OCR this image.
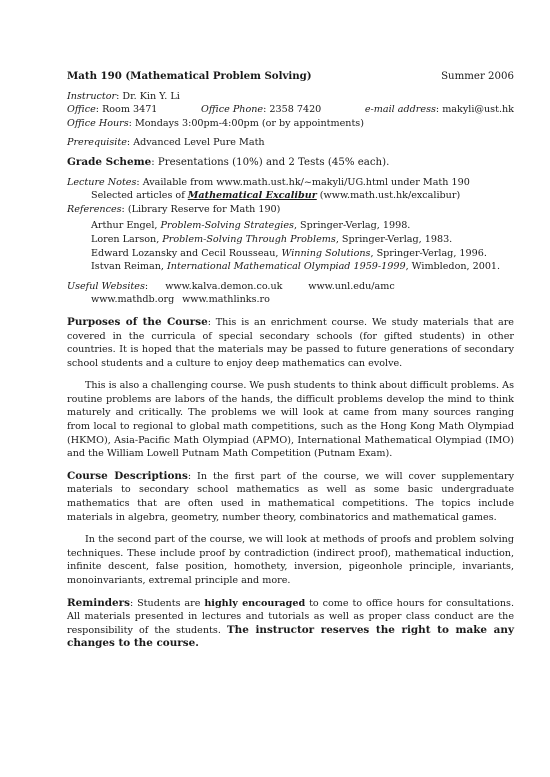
Math 190 (Mathematical Problem Solving)	Summer 2006
Instructor: Dr. Kin Y. Li
Office: Room 3471	Office Phone: 2358 7420	e-mail address: makyli@ust.hk
Office Hours: Mondays 3:00pm-4:00pm (or by appointments)
Prerequisite: Advanced Level Pure Math
Grade Scheme: Presentations (10%) and 2 Tests (45% each).
Lecture Notes: Available from www.math.ust.hk/~makyli/UG.html under Math 190
Selected articles of Mathematical Excalibur (www.math.ust.hk/excalibur)
References: (Library Reserve for Math 190)
Arthur Engel, Problem-Solving Strategies, Springer-Verlag, 1998.
Loren Larson, Problem-Solving Through Problems, Springer-Verlag, 1983.
Edward Lozansky and Cecil Rousseau, Winning Solutions, Springer-Verlag, 1996.
Istvan Reiman, International Mathematical Olympiad 1959-1999, Wimbledon, 2001.
Useful Websites: www.kalva.demon.co.uk	www.unl.edu/amc
www.mathdb.org www.mathlinks.ro

Purposes of the Course: This is an enrichment course. We study materials that are covered in the curricula of special secondary schools (for gifted students) in other countries. It is hoped that the materials may be passed to future generations of secondary school students and a culture to enjoy deep mathematics can evolve.

This is also a challenging course. We push students to think about difficult problems. As routine problems are labors of the hands, the difficult problems develop the mind to think maturely and critically. The problems we will look at came from many sources ranging from local to regional to global math competitions, such as the Hong Kong Math Olympiad (HKMO), Asia-Pacific Math Olympiad (APMO), International Mathematical Olympiad (IMO) and the William Lowell Putnam Math Competition (Putnam Exam).

Course Descriptions: In the first part of the course, we will cover supplementary materials to secondary school mathematics as well as some basic undergraduate mathematics that are often used in mathematical competitions. The topics include materials in algebra, geometry, number theory, combinatorics and mathematical games.

In the second part of the course, we will look at methods of proofs and problem solving techniques. These include proof by contradiction (indirect proof), mathematical induction, infinite descent, false position, homothety, inversion, pigeonhole principle, invariants, monoinvariants, extremal principle and more.

Reminders: Students are highly encouraged to come to office hours for consultations. All materials presented in lectures and tutorials as well as proper class conduct are the responsibility of the students. The instructor reserves the right to make any changes to the course.
